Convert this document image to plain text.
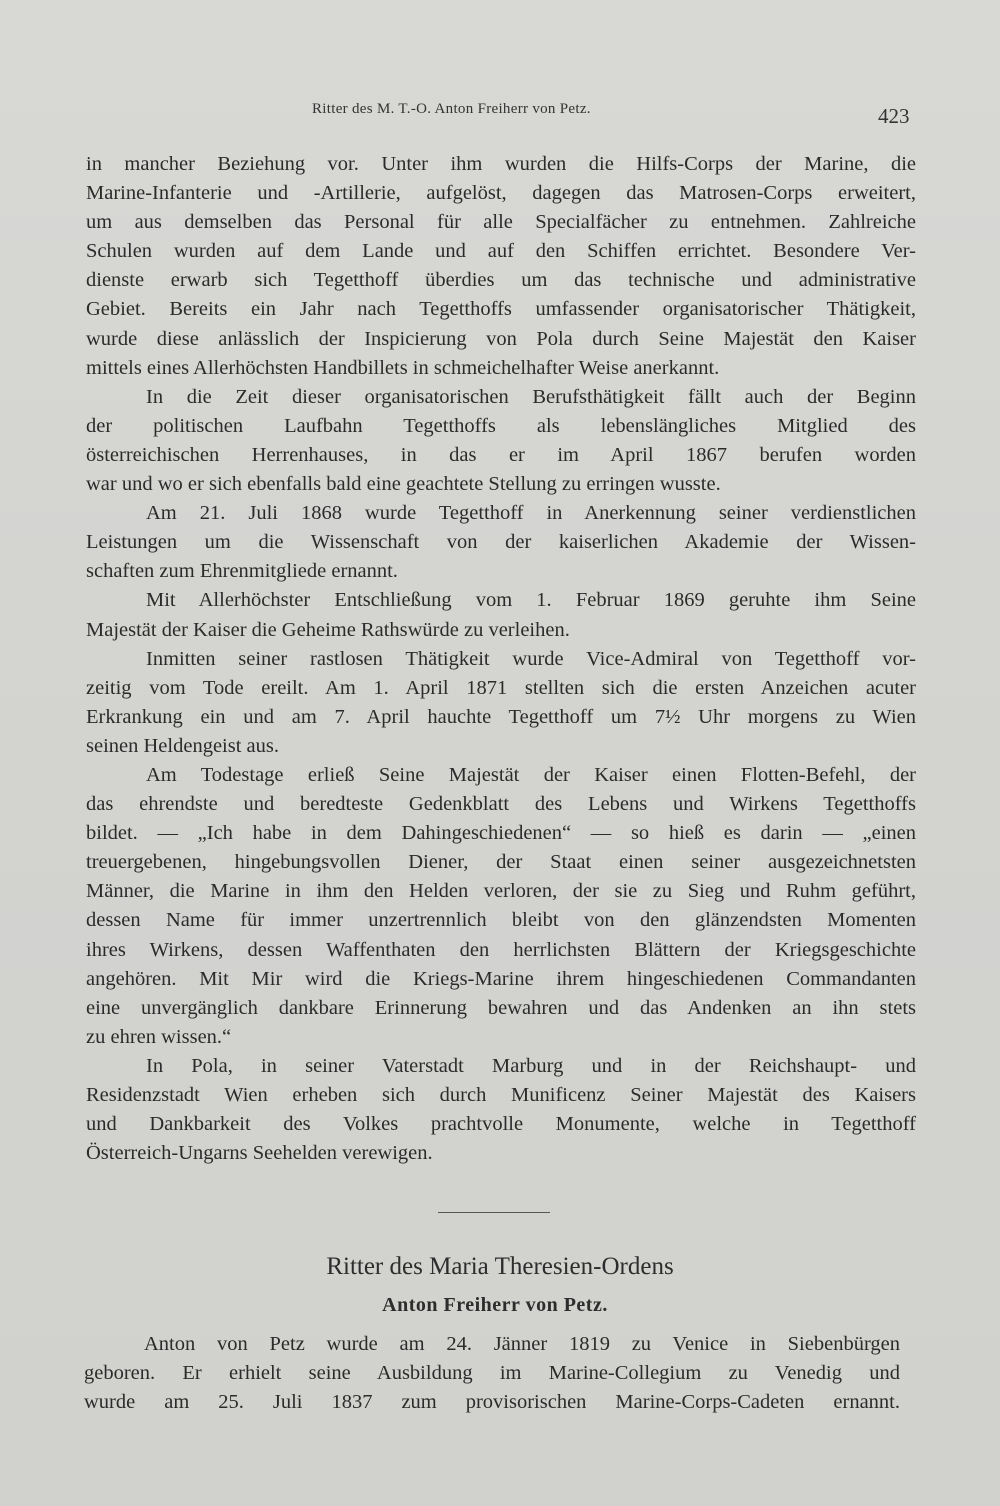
Ritter des M. T.-O. Anton Freiherr von Petz.	423
in mancher Beziehung vor. Unter ihm wurden die Hilfs-Corps der Marine, die
Marine-Infanterie und -Artillerie, aufgelöst, dagegen das Matrosen-Corps erweitert,
um aus demselben das Personal für alle Specialfächer zu entnehmen. Zahlreiche
Schulen wurden auf dem Lande und auf den Schiffen errichtet. Besondere Ver-
dienste erwarb sich Tegetthoff überdies um das technische und administrative
Gebiet. Bereits ein Jahr nach Tegetthoffs umfassender organisatorischer Thätigkeit,
wurde diese anlässlich der Inspicierung von Pola durch Seine Majestät den Kaiser
mittels eines Allerhöchsten Handbillets in schmeichelhafter Weise anerkannt.
In die Zeit dieser organisatorischen Berufsthätigkeit fällt auch der Beginn
der politischen Laufbahn Tegetthoffs als lebenslängliches Mitglied des
österreichischen Herrenhauses, in das er im April 1867 berufen worden
war und wo er sich ebenfalls bald eine geachtete Stellung zu erringen wusste.
Am 21. Juli 1868 wurde Tegetthoff in Anerkennung seiner verdienstlichen
Leistungen um die Wissenschaft von der kaiserlichen Akademie der Wissen-
schaften zum Ehrenmitgliede ernannt.
Mit Allerhöchster Entschließung vom 1. Februar 1869 geruhte ihm Seine
Majestät der Kaiser die Geheime Rathswürde zu verleihen.
Inmitten seiner rastlosen Thätigkeit wurde Vice-Admiral von Tegetthoff vor-
zeitig vom Tode ereilt. Am 1. April 1871 stellten sich die ersten Anzeichen acuter
Erkrankung ein und am 7. April hauchte Tegetthoff um 7½ Uhr morgens zu Wien
seinen Heldengeist aus.
Am Todestage erließ Seine Majestät der Kaiser einen Flotten-Befehl, der
das ehrendste und beredteste Gedenkblatt des Lebens und Wirkens Tegetthoffs
bildet. — „Ich habe in dem Dahingeschiedenen“ — so hieß es darin — „einen
treuergebenen, hingebungsvollen Diener, der Staat einen seiner ausgezeichnetsten
Männer, die Marine in ihm den Helden verloren, der sie zu Sieg und Ruhm geführt,
dessen Name für immer unzertrennlich bleibt von den glänzendsten Momenten
ihres Wirkens, dessen Waffenthaten den herrlichsten Blättern der Kriegsgeschichte
angehören. Mit Mir wird die Kriegs-Marine ihrem hingeschiedenen Commandanten
eine unvergänglich dankbare Erinnerung bewahren und das Andenken an ihn stets
zu ehren wissen.“
In Pola, in seiner Vaterstadt Marburg und in der Reichshaupt- und
Residenzstadt Wien erheben sich durch Munificenz Seiner Majestät des Kaisers
und Dankbarkeit des Volkes prachtvolle Monumente, welche in Tegetthoff
Österreich-Ungarns Seehelden verewigen.
Ritter des Maria Theresien-Ordens
Anton Freiherr von Petz.
Anton von Petz wurde am 24. Jänner 1819 zu Venice in Siebenbürgen
geboren. Er erhielt seine Ausbildung im Marine-Collegium zu Venedig und
wurde am 25. Juli 1837 zum provisorischen Marine-Corps-Cadeten ernannt.
